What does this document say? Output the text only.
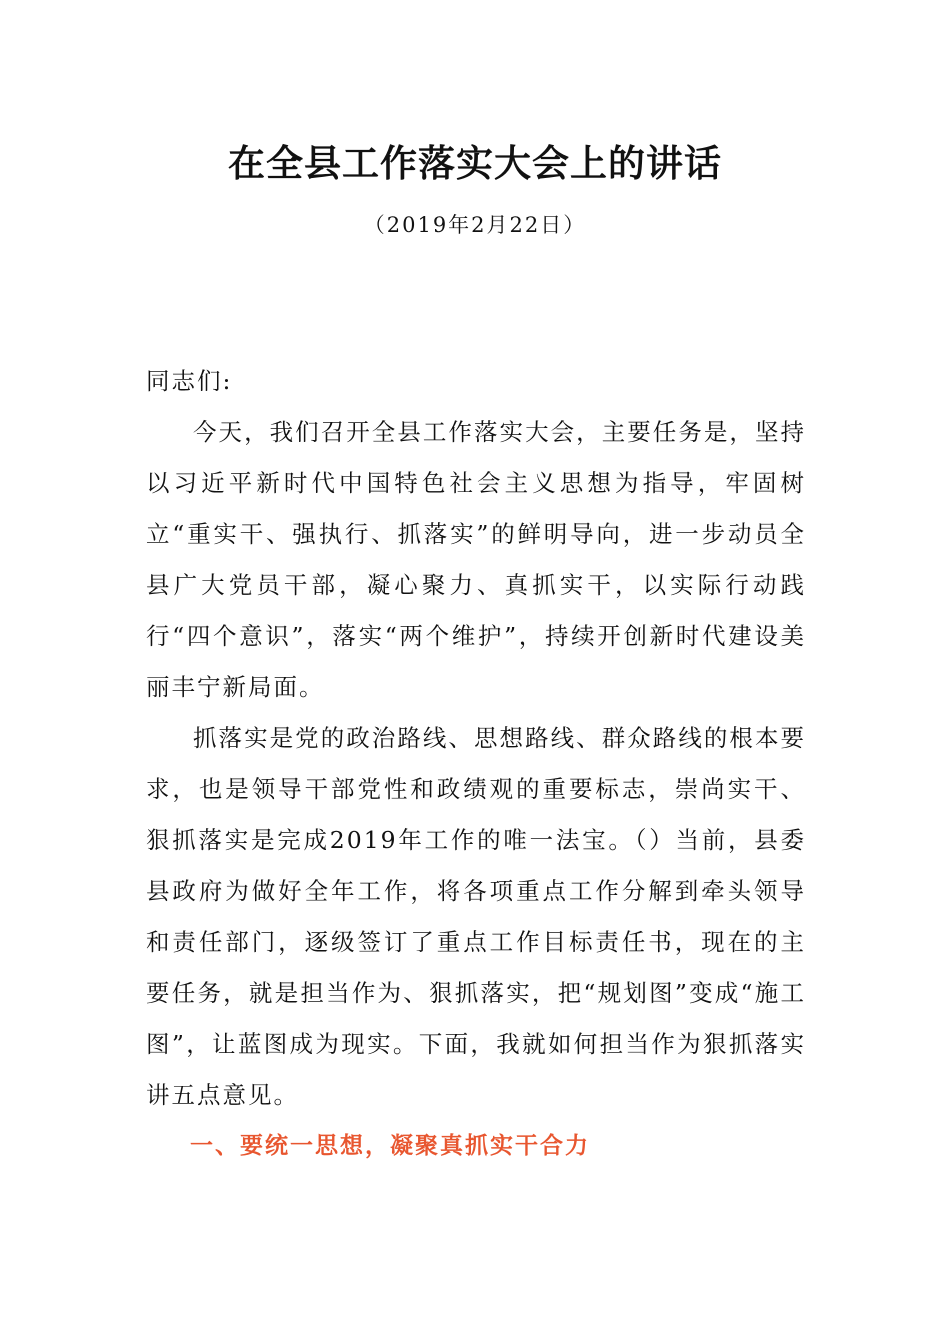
在全县工作落实大会上的讲话
（2019年2月22日）

同志们:

今天，我们召开全县工作落实大会，主要任务是，坚持以习近平新时代中国特色社会主义思想为指导，牢固树立“重实干、强执行、抓落实”的鲜明导向，进一步动员全县广大党员干部，凝心聚力、真抓实干，以实际行动践行“四个意识”，落实“两个维护”，持续开创新时代建设美丽丰宁新局面。

抓落实是党的政治路线、思想路线、群众路线的根本要求，也是领导干部党性和政绩观的重要标志，崇尚实干、狠抓落实是完成2019年工作的唯一法宝。（）当前，县委县政府为做好全年工作，将各项重点工作分解到牵头领导和责任部门，逐级签订了重点工作目标责任书，现在的主要任务，就是担当作为、狠抓落实，把“规划图”变成“施工图”，让蓝图成为现实。下面，我就如何担当作为狠抓落实讲五点意见。

一、要统一思想，凝聚真抓实干合力
